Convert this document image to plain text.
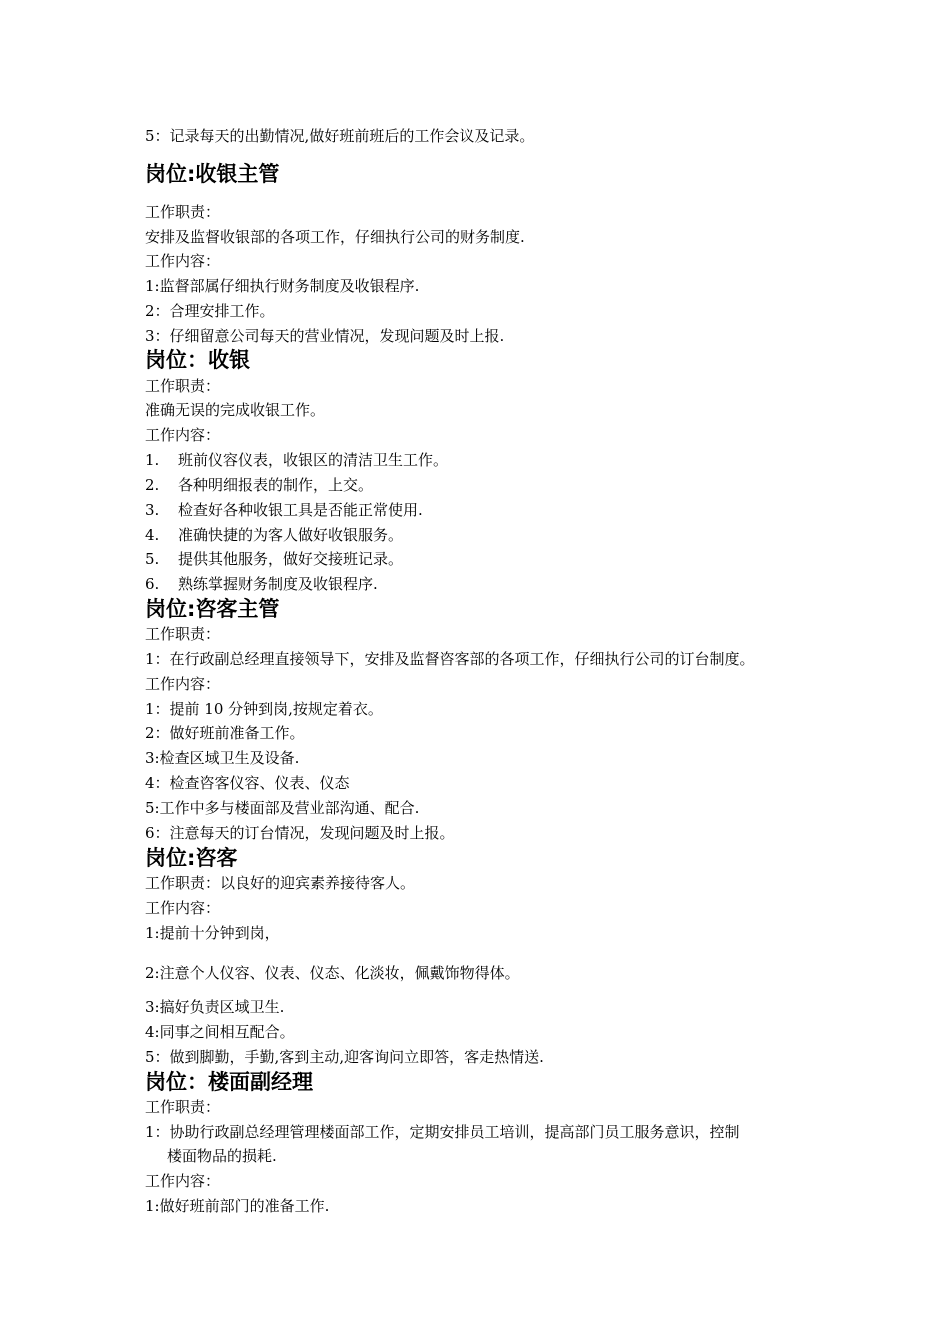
5：记录每天的出勤情况,做好班前班后的工作会议及记录。
岗位:收银主管
工作职责：
安排及监督收银部的各项工作，仔细执行公司的财务制度.
工作内容：
1:监督部属仔细执行财务制度及收银程序.
2：合理安排工作。
3：仔细留意公司每天的营业情况，发现问题及时上报.
岗位：收银
工作职责：
准确无误的完成收银工作。
工作内容：
1. 班前仪容仪表，收银区的清洁卫生工作。
2. 各种明细报表的制作，上交。
3. 检查好各种收银工具是否能正常使用.
4. 准确快捷的为客人做好收银服务。
5. 提供其他服务，做好交接班记录。
6. 熟练掌握财务制度及收银程序.
岗位:咨客主管
工作职责：
1：在行政副总经理直接领导下，安排及监督咨客部的各项工作，仔细执行公司的订台制度。
工作内容：
1：提前 10 分钟到岗,按规定着衣。
2：做好班前准备工作。
3:检查区域卫生及设备.
4：检查咨客仪容、仪表、仪态
5:工作中多与楼面部及营业部沟通、配合.
6：注意每天的订台情况，发现问题及时上报。
岗位:咨客
工作职责：以良好的迎宾素养接待客人。
工作内容：
1:提前十分钟到岗，
2:注意个人仪容、仪表、仪态、化淡妆，佩戴饰物得体。
3:搞好负责区域卫生.
4:同事之间相互配合。
5：做到脚勤，手勤,客到主动,迎客询问立即答，客走热情送.
岗位：楼面副经理
工作职责：
1：协助行政副总经理管理楼面部工作，定期安排员工培训，提高部门员工服务意识，控制
楼面物品的损耗.
工作内容：
1:做好班前部门的准备工作.
